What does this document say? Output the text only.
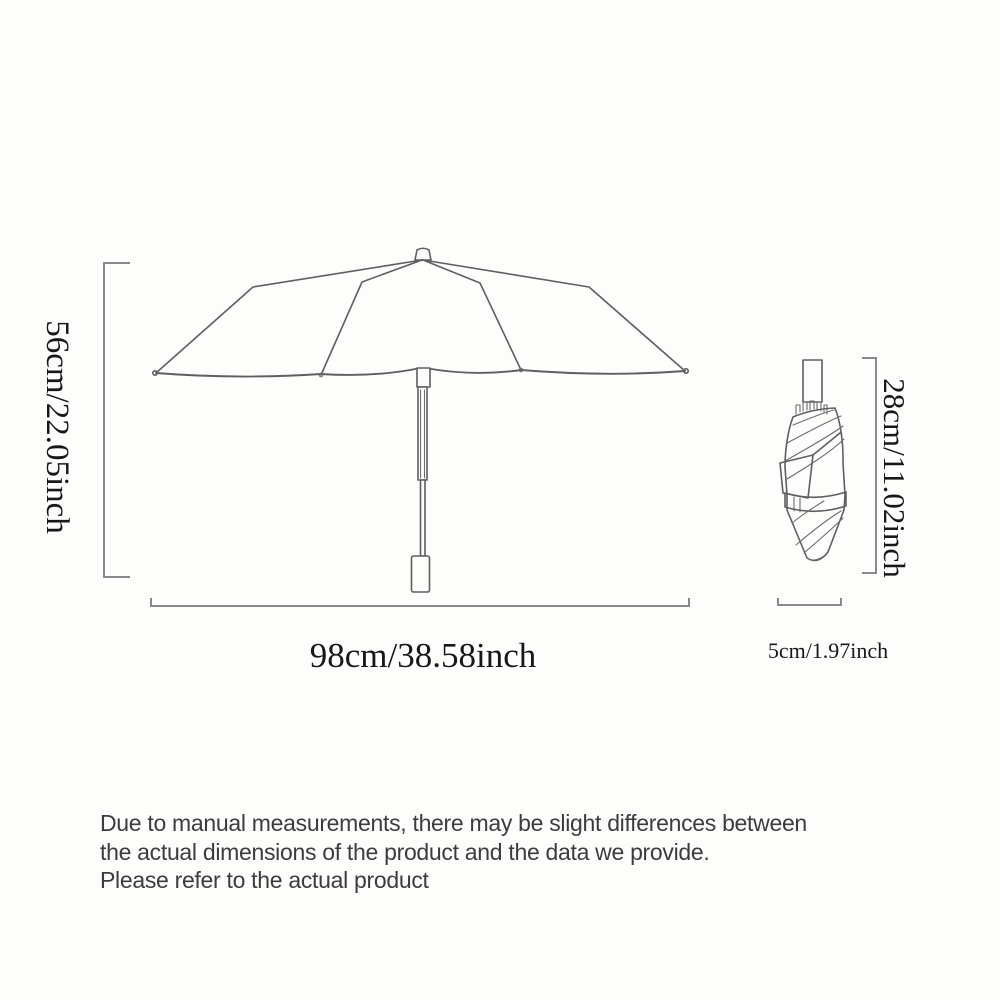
56cm/22.05inch
98cm/38.58inch
28cm/11.02inch
5cm/1.97inch
Due to manual measurements, there may be slight differences between
the actual dimensions of the product and the data we provide.
Please refer to the actual product
